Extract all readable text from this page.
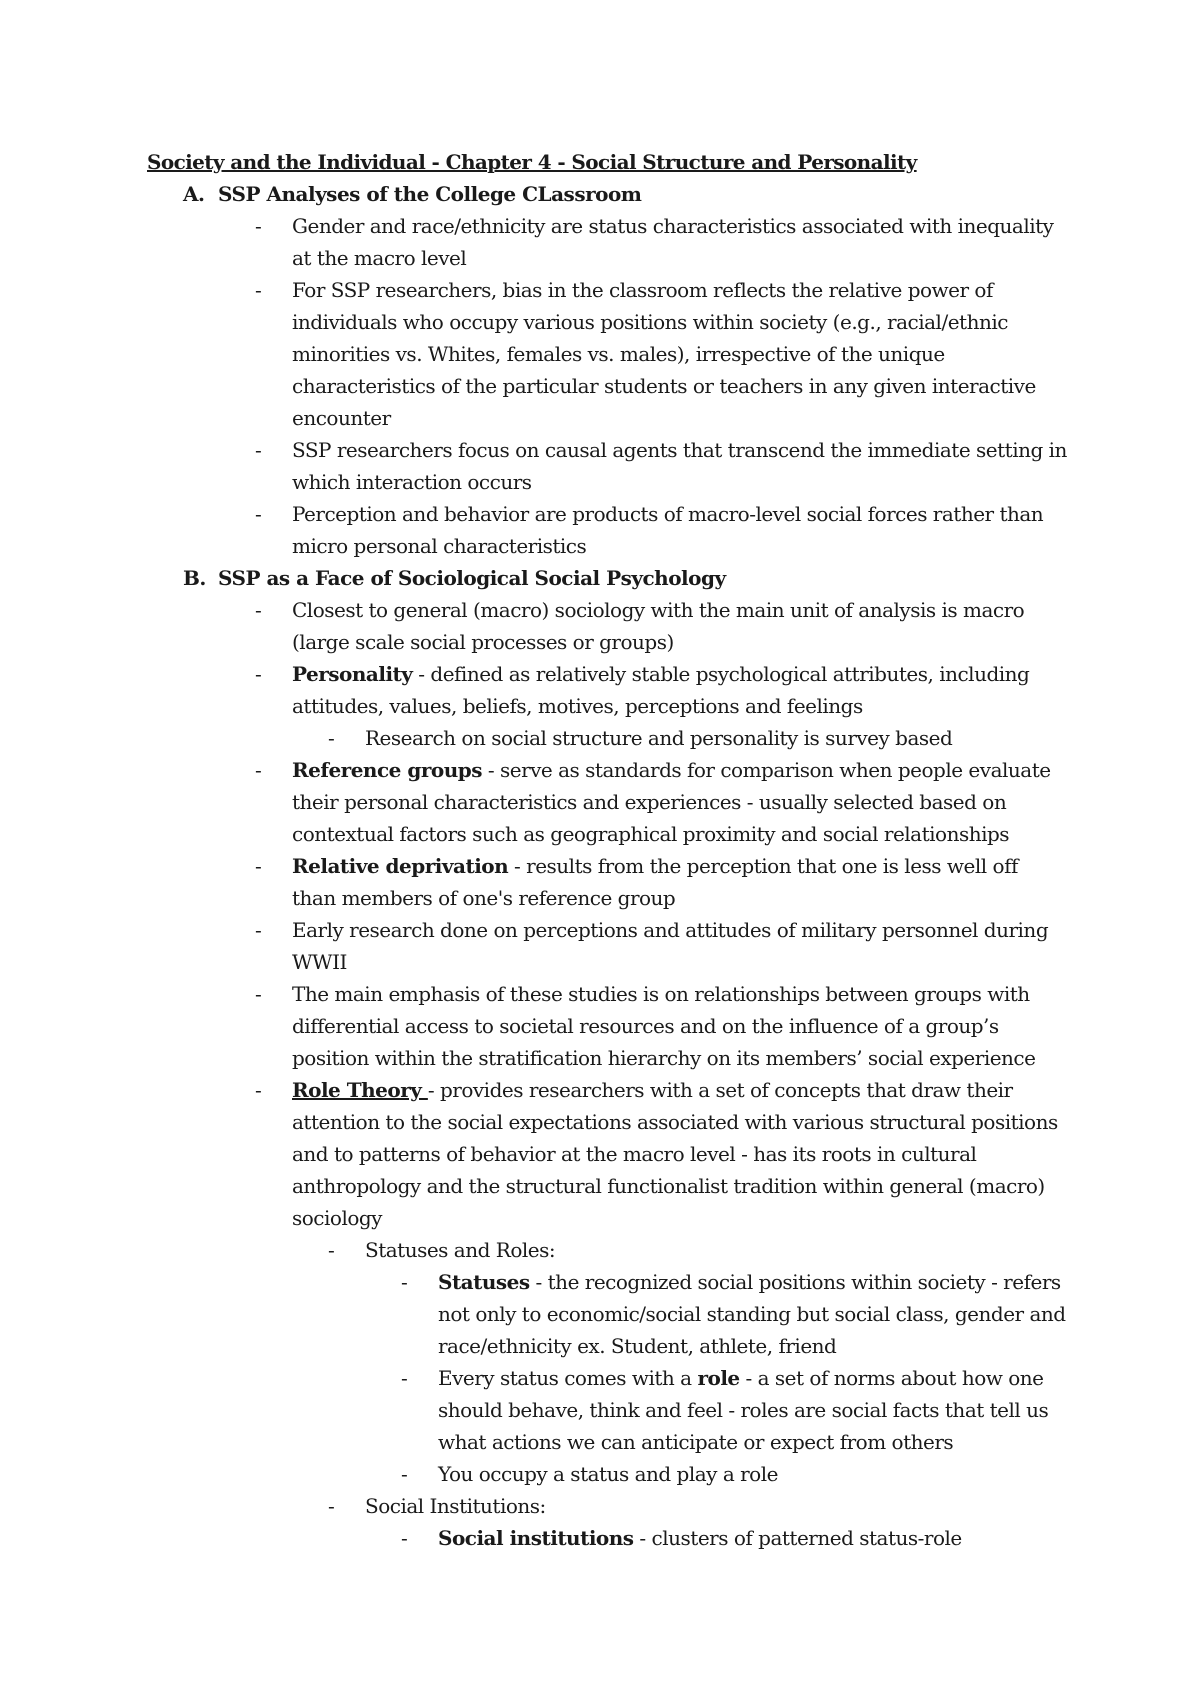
Society and the Individual - Chapter 4 - Social Structure and Personality
A. SSP Analyses of the College CLassroom
- Gender and race/ethnicity are status characteristics associated with inequality at the macro level
- For SSP researchers, bias in the classroom reflects the relative power of individuals who occupy various positions within society (e.g., racial/ethnic minorities vs. Whites, females vs. males), irrespective of the unique characteristics of the particular students or teachers in any given interactive encounter
- SSP researchers focus on causal agents that transcend the immediate setting in which interaction occurs
- Perception and behavior are products of macro-level social forces rather than micro personal characteristics
B. SSP as a Face of Sociological Social Psychology
- Closest to general (macro) sociology with the main unit of analysis is macro (large scale social processes or groups)
- Personality - defined as relatively stable psychological attributes, including attitudes, values, beliefs, motives, perceptions and feelings
- Research on social structure and personality is survey based
- Reference groups - serve as standards for comparison when people evaluate their personal characteristics and experiences - usually selected based on contextual factors such as geographical proximity and social relationships
- Relative deprivation - results from the perception that one is less well off than members of one's reference group
- Early research done on perceptions and attitudes of military personnel during WWII
- The main emphasis of these studies is on relationships between groups with differential access to societal resources and on the influence of a group’s position within the stratification hierarchy on its members’ social experience
- Role Theory - provides researchers with a set of concepts that draw their attention to the social expectations associated with various structural positions and to patterns of behavior at the macro level - has its roots in cultural anthropology and the structural functionalist tradition within general (macro) sociology
- Statuses and Roles:
- Statuses - the recognized social positions within society - refers not only to economic/social standing but social class, gender and race/ethnicity ex. Student, athlete, friend
- Every status comes with a role - a set of norms about how one should behave, think and feel - roles are social facts that tell us what actions we can anticipate or expect from others
- You occupy a status and play a role
- Social Institutions:
- Social institutions - clusters of patterned status-role
